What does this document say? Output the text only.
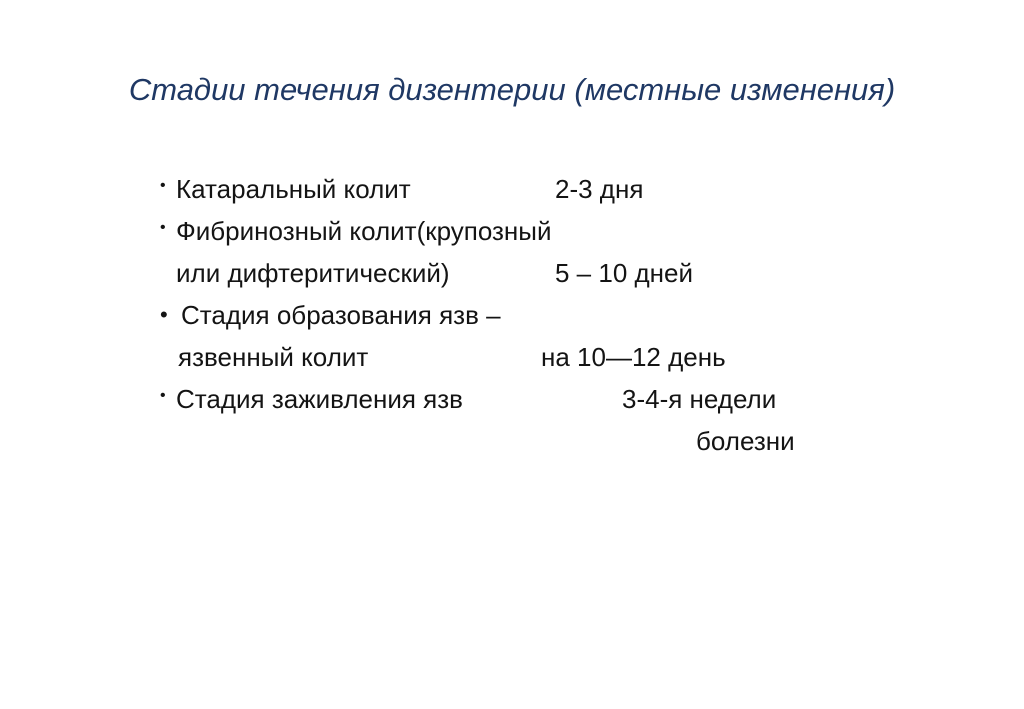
Стадии течения дизентерии (местные изменения)
• Катаральный колит	2-3 дня
• Фибринозный колит(крупозный
или дифтеритический)	5 – 10 дней
• Стадия образования язв –
язвенный колит	на 10—12 день
• Стадия заживления язв	3-4-я недели
болезни
